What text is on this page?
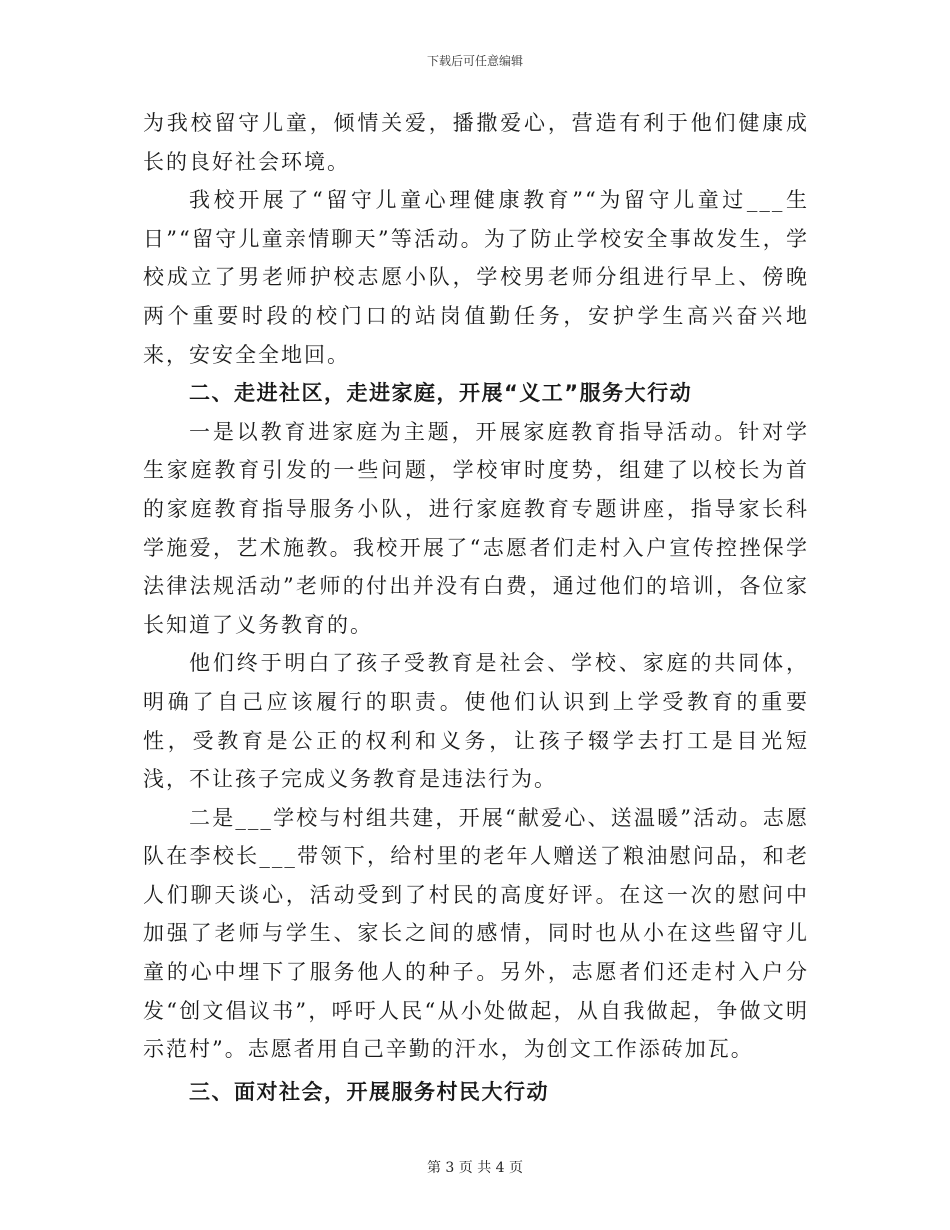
下载后可任意编辑

为我校留守儿童，倾情关爱，播撒爱心，营造有利于他们健康成长的良好社会环境。

我校开展了“留守儿童心理健康教育”“为留守儿童过___生日”“留守儿童亲情聊天”等活动。为了防止学校安全事故发生，学校成立了男老师护校志愿小队，学校男老师分组进行早上、傍晚两个重要时段的校门口的站岗值勤任务，安护学生高兴奋兴地来，安安全全地回。

二、走进社区，走进家庭，开展“义工”服务大行动

一是以教育进家庭为主题，开展家庭教育指导活动。针对学生家庭教育引发的一些问题，学校审时度势，组建了以校长为首的家庭教育指导服务小队，进行家庭教育专题讲座，指导家长科学施爱，艺术施教。我校开展了“志愿者们走村入户宣传控挫保学法律法规活动”老师的付出并没有白费，通过他们的培训，各位家长知道了义务教育的。

他们终于明白了孩子受教育是社会、学校、家庭的共同体，明确了自己应该履行的职责。使他们认识到上学受教育的重要性，受教育是公正的权利和义务，让孩子辍学去打工是目光短浅，不让孩子完成义务教育是违法行为。

二是___学校与村组共建，开展“献爱心、送温暖”活动。志愿队在李校长___带领下，给村里的老年人赠送了粮油慰问品，和老人们聊天谈心，活动受到了村民的高度好评。在这一次的慰问中加强了老师与学生、家长之间的感情，同时也从小在这些留守儿童的心中埋下了服务他人的种子。另外，志愿者们还走村入户分发“创文倡议书”，呼吁人民“从小处做起，从自我做起，争做文明示范村”。志愿者用自己辛勤的汗水，为创文工作添砖加瓦。

三、面对社会，开展服务村民大行动

第 3 页 共 4 页
